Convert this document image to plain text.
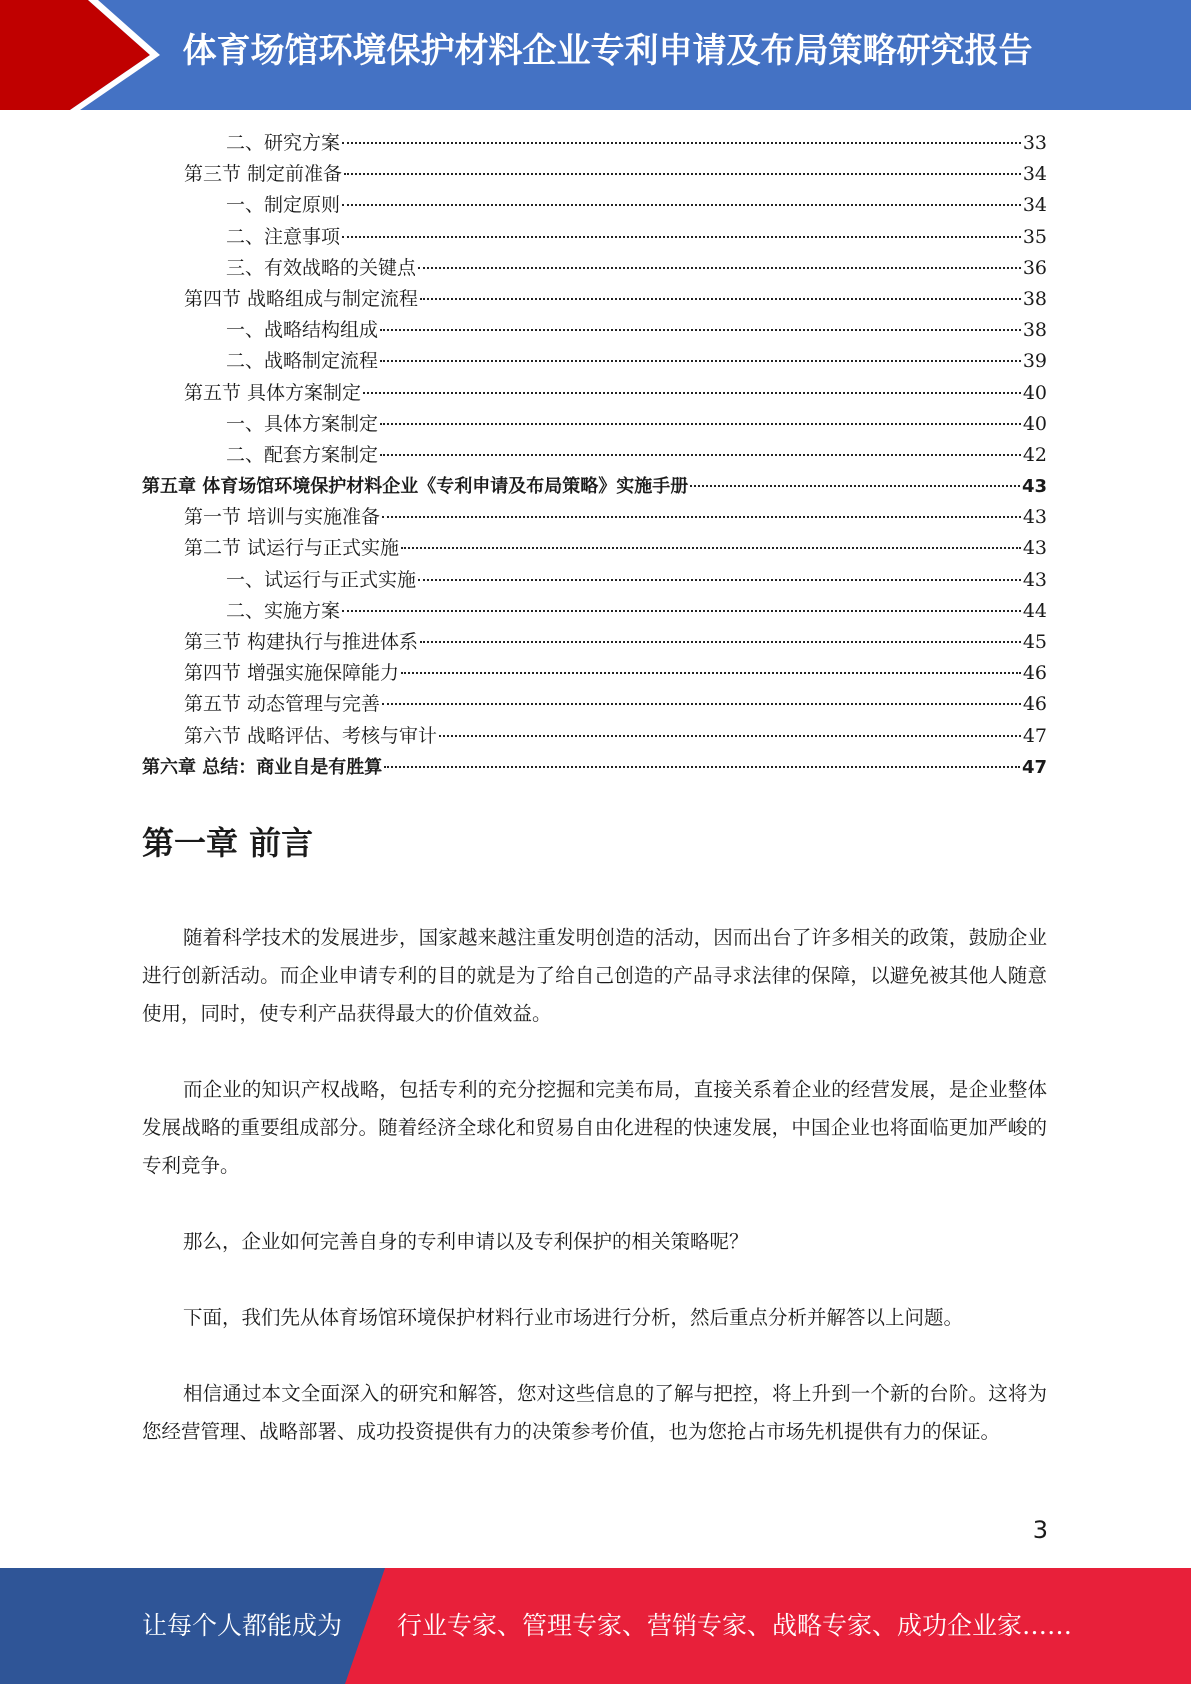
体育场馆环境保护材料企业专利申请及布局策略研究报告
二、研究方案	33
第三节 制定前准备	34
一、制定原则	34
二、注意事项	35
三、有效战略的关键点	36
第四节 战略组成与制定流程	38
一、战略结构组成	38
二、战略制定流程	39
第五节 具体方案制定	40
一、具体方案制定	40
二、配套方案制定	42
第五章 体育场馆环境保护材料企业《专利申请及布局策略》实施手册	43
第一节 培训与实施准备	43
第二节 试运行与正式实施	43
一、试运行与正式实施	43
二、实施方案	44
第三节 构建执行与推进体系	45
第四节 增强实施保障能力	46
第五节 动态管理与完善	46
第六节 战略评估、考核与审计	47
第六章 总结：商业自是有胜算	47
第一章 前言

随着科学技术的发展进步，国家越来越注重发明创造的活动，因而出台了许多相关的政策，鼓励企业进行创新活动。而企业申请专利的目的就是为了给自己创造的产品寻求法律的保障，以避免被其他人随意使用，同时，使专利产品获得最大的价值效益。

而企业的知识产权战略，包括专利的充分挖掘和完美布局，直接关系着企业的经营发展，是企业整体发展战略的重要组成部分。随着经济全球化和贸易自由化进程的快速发展，中国企业也将面临更加严峻的专利竞争。

那么，企业如何完善自身的专利申请以及专利保护的相关策略呢？

下面，我们先从体育场馆环境保护材料行业市场进行分析，然后重点分析并解答以上问题。

相信通过本文全面深入的研究和解答，您对这些信息的了解与把控，将上升到一个新的台阶。这将为您经营管理、战略部署、成功投资提供有力的决策参考价值，也为您抢占市场先机提供有力的保证。

3
让每个人都能成为 行业专家、管理专家、营销专家、战略专家、成功企业家……
